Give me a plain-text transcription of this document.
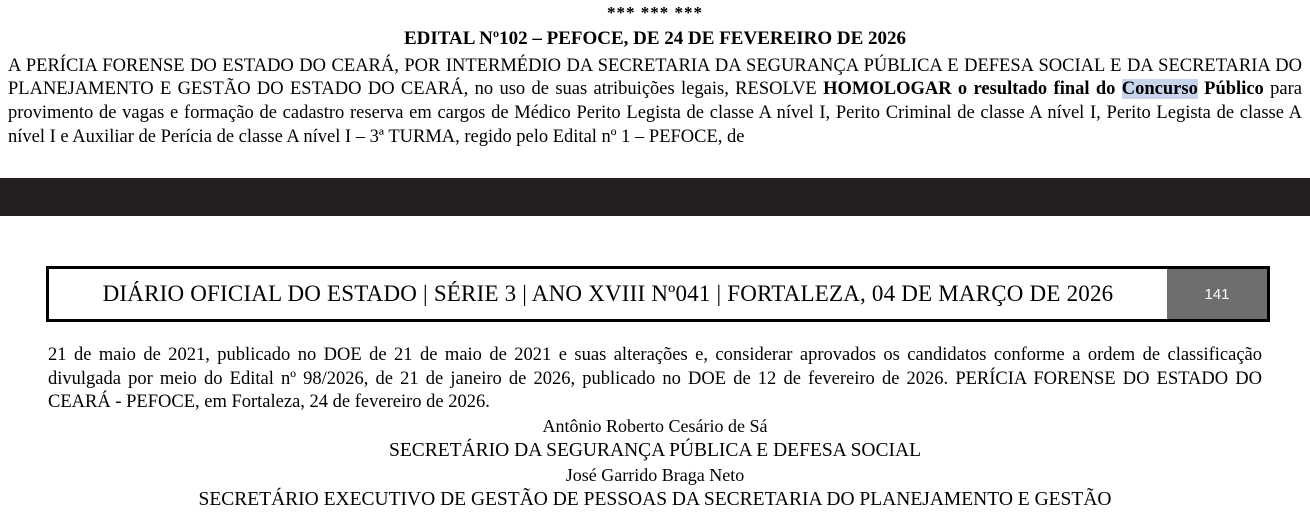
*** *** ***
EDITAL Nº102 – PEFOCE, DE 24 DE FEVEREIRO DE 2026
A PERÍCIA FORENSE DO ESTADO DO CEARÁ, POR INTERMÉDIO DA SECRETARIA DA SEGURANÇA PÚBLICA E DEFESA SOCIAL E DA SECRETARIA DO PLANEJAMENTO E GESTÃO DO ESTADO DO CEARÁ, no uso de suas atribuições legais, RESOLVE HOMOLOGAR o resultado final do Concurso Público para provimento de vagas e formação de cadastro reserva em cargos de Médico Perito Legista de classe A nível I, Perito Criminal de classe A nível I, Perito Legista de classe A nível I e Auxiliar de Perícia de classe A nível I – 3ª TURMA, regido pelo Edital nº 1 – PEFOCE, de
DIÁRIO OFICIAL DO ESTADO | SÉRIE 3 | ANO XVIII Nº041 | FORTALEZA, 04 DE MARÇO DE 2026	141
21 de maio de 2021, publicado no DOE de 21 de maio de 2021 e suas alterações e, considerar aprovados os candidatos conforme a ordem de classificação divulgada por meio do Edital nº 98/2026, de 21 de janeiro de 2026, publicado no DOE de 12 de fevereiro de 2026. PERÍCIA FORENSE DO ESTADO DO CEARÁ - PEFOCE, em Fortaleza, 24 de fevereiro de 2026.
Antônio Roberto Cesário de Sá
SECRETÁRIO DA SEGURANÇA PÚBLICA E DEFESA SOCIAL
José Garrido Braga Neto
SECRETÁRIO EXECUTIVO DE GESTÃO DE PESSOAS DA SECRETARIA DO PLANEJAMENTO E GESTÃO
